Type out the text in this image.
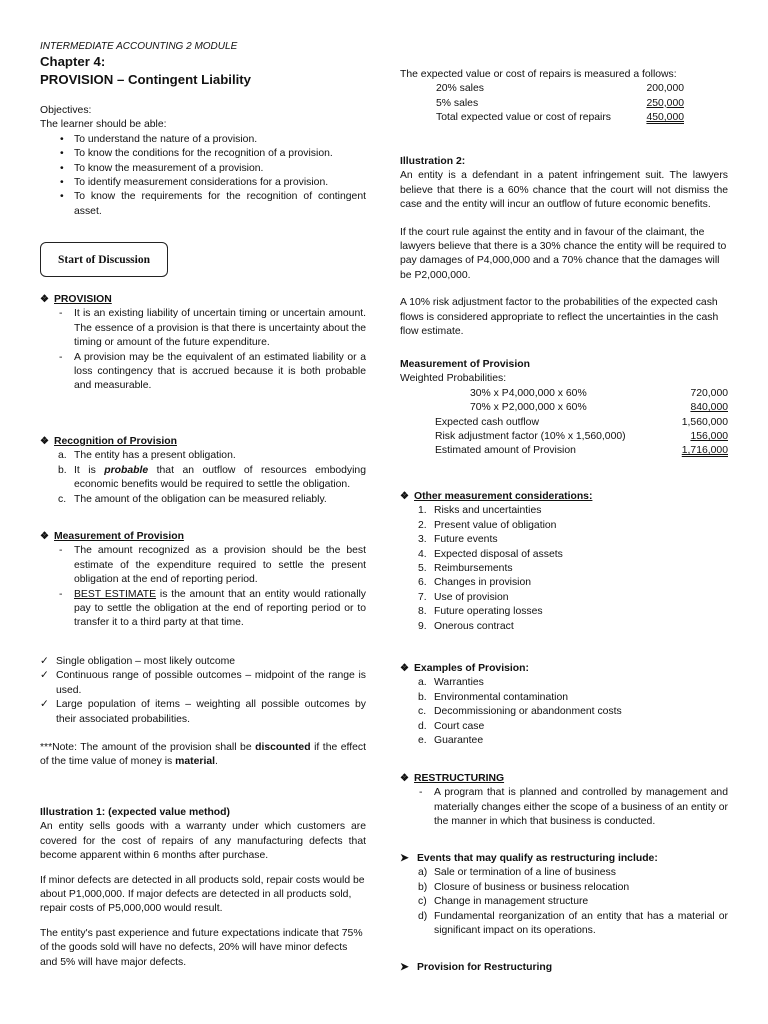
INTERMEDIATE ACCOUNTING 2 MODULE
Chapter 4:
PROVISION – Contingent Liability
Objectives:
The learner should be able:
• To understand the nature of a provision.
• To know the conditions for the recognition of a provision.
• To know the measurement of a provision.
• To identify measurement considerations for a provision.
• To know the requirements for the recognition of contingent asset.
Start of Discussion
❖ PROVISION
- It is an existing liability of uncertain timing or uncertain amount. The essence of a provision is that there is uncertainty about the timing or amount of the future expenditure.
- A provision may be the equivalent of an estimated liability or a loss contingency that is accrued because it is both probable and measurable.
❖ Recognition of Provision
a. The entity has a present obligation.
b. It is probable that an outflow of resources embodying economic benefits would be required to settle the obligation.
c. The amount of the obligation can be measured reliably.
❖ Measurement of Provision
- The amount recognized as a provision should be the best estimate of the expenditure required to settle the present obligation at the end of reporting period.
- BEST ESTIMATE is the amount that an entity would rationally pay to settle the obligation at the end of reporting period or to transfer it to a third party at that time.
✓ Single obligation – most likely outcome
✓ Continuous range of possible outcomes – midpoint of the range is used.
✓ Large population of items – weighting all possible outcomes by their associated probabilities.
***Note: The amount of the provision shall be discounted if the effect of the time value of money is material.
Illustration 1: (expected value method)
An entity sells goods with a warranty under which customers are covered for the cost of repairs of any manufacturing defects that become apparent within 6 months after purchase.
If minor defects are detected in all products sold, repair costs would be about P1,000,000. If major defects are detected in all products sold, repair costs of P5,000,000 would result.
The entity's past experience and future expectations indicate that 75% of the goods sold will have no defects, 20% will have minor defects and 5% will have major defects.
The expected value or cost of repairs is measured a follows:
20% sales	200,000
5% sales	250,000
Total expected value or cost of repairs	450,000
Illustration 2:
An entity is a defendant in a patent infringement suit. The lawyers believe that there is a 60% chance that the court will not dismiss the case and the entity will incur an outflow of future economic benefits.
If the court rule against the entity and in favour of the claimant, the lawyers believe that there is a 30% chance the entity will be required to pay damages of P4,000,000 and a 70% chance that the damages will be P2,000,000.
A 10% risk adjustment factor to the probabilities of the expected cash flows is considered appropriate to reflect the uncertainties in the cash flow estimate.
Measurement of Provision
Weighted Probabilities:
30% x P4,000,000 x 60%	720,000
70% x P2,000,000 x 60%	840,000
Expected cash outflow	1,560,000
Risk adjustment factor (10% x 1,560,000)	156,000
Estimated amount of Provision	1,716,000
❖ Other measurement considerations:
1. Risks and uncertainties
2. Present value of obligation
3. Future events
4. Expected disposal of assets
5. Reimbursements
6. Changes in provision
7. Use of provision
8. Future operating losses
9. Onerous contract
❖ Examples of Provision:
a. Warranties
b. Environmental contamination
c. Decommissioning or abandonment costs
d. Court case
e. Guarantee
❖ RESTRUCTURING
- A program that is planned and controlled by management and materially changes either the scope of a business of an entity or the manner in which that business is conducted.
➤ Events that may qualify as restructuring include:
a) Sale or termination of a line of business
b) Closure of business or business relocation
c) Change in management structure
d) Fundamental reorganization of an entity that has a material or significant impact on its operations.
➤ Provision for Restructuring
